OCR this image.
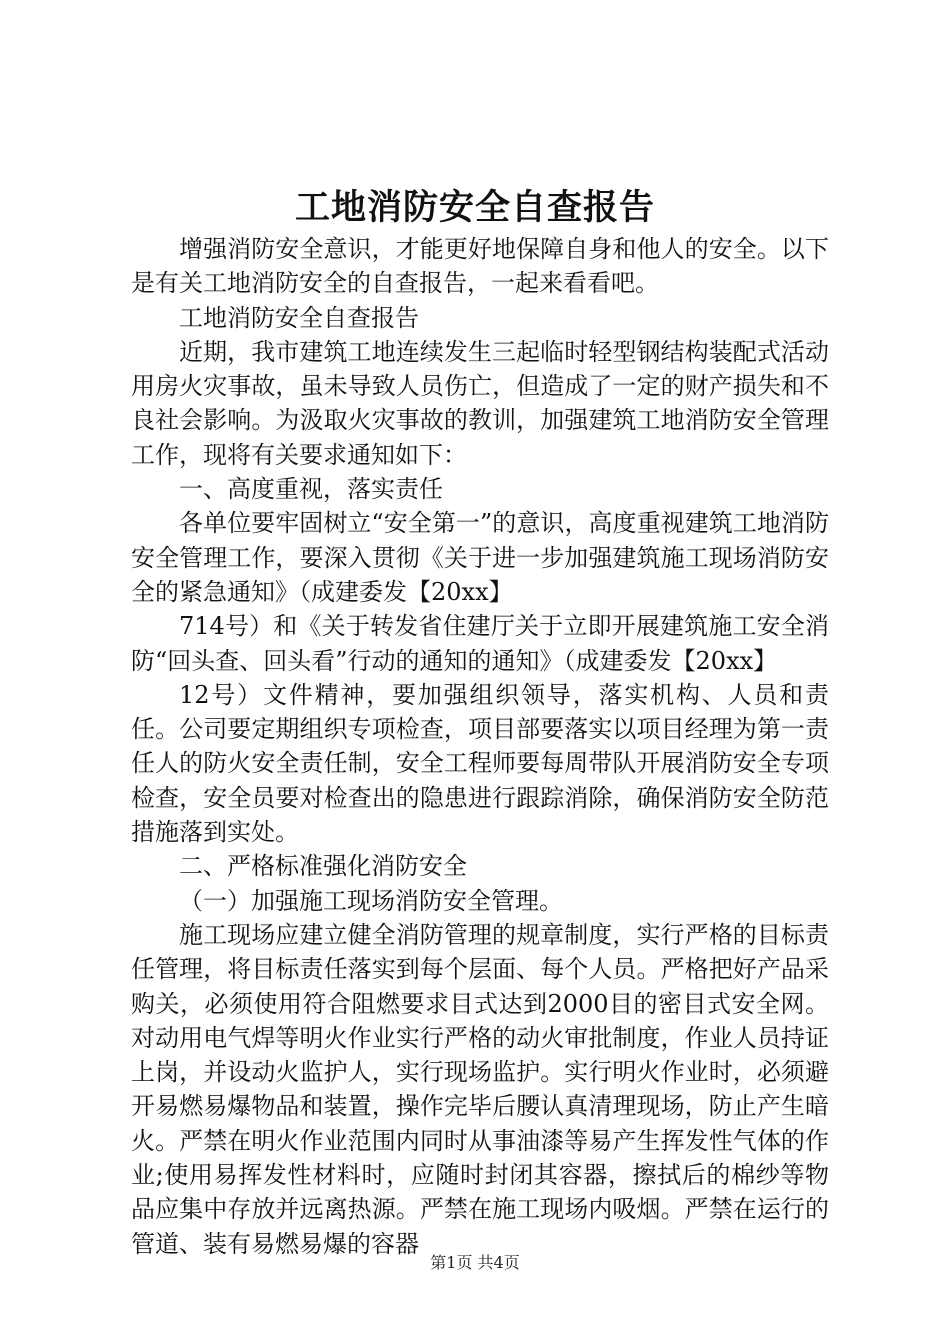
工地消防安全自查报告

增强消防安全意识，才能更好地保障自身和他人的安全。以下是有关工地消防安全的自查报告，一起来看看吧。

工地消防安全自查报告

近期，我市建筑工地连续发生三起临时轻型钢结构装配式活动用房火灾事故，虽未导致人员伤亡，但造成了一定的财产损失和不良社会影响。为汲取火灾事故的教训，加强建筑工地消防安全管理工作，现将有关要求通知如下：

一、高度重视，落实责任

各单位要牢固树立“安全第一”的意识，高度重视建筑工地消防安全管理工作，要深入贯彻《关于进一步加强建筑施工现场消防安全的紧急通知》（成建委发【20xx】

714号）和《关于转发省住建厅关于立即开展建筑施工安全消防“回头查、回头看”行动的通知的通知》（成建委发【20xx】

12号）文件精神，要加强组织领导，落实机构、人员和责任。公司要定期组织专项检查，项目部要落实以项目经理为第一责任人的防火安全责任制，安全工程师要每周带队开展消防安全专项检查，安全员要对检查出的隐患进行跟踪消除，确保消防安全防范措施落到实处。

二、严格标准强化消防安全

（一）加强施工现场消防安全管理。

施工现场应建立健全消防管理的规章制度，实行严格的目标责任管理，将目标责任落实到每个层面、每个人员。严格把好产品采购关，必须使用符合阻燃要求目式达到2000目的密目式安全网。对动用电气焊等明火作业实行严格的动火审批制度，作业人员持证上岗，并设动火监护人，实行现场监护。实行明火作业时，必须避开易燃易爆物品和装置，操作完毕后腰认真清理现场，防止产生暗火。严禁在明火作业范围内同时从事油漆等易产生挥发性气体的作业;使用易挥发性材料时，应随时封闭其容器，擦拭后的棉纱等物品应集中存放并远离热源。严禁在施工现场内吸烟。严禁在运行的管道、装有易燃易爆的容器

第1页 共4页
